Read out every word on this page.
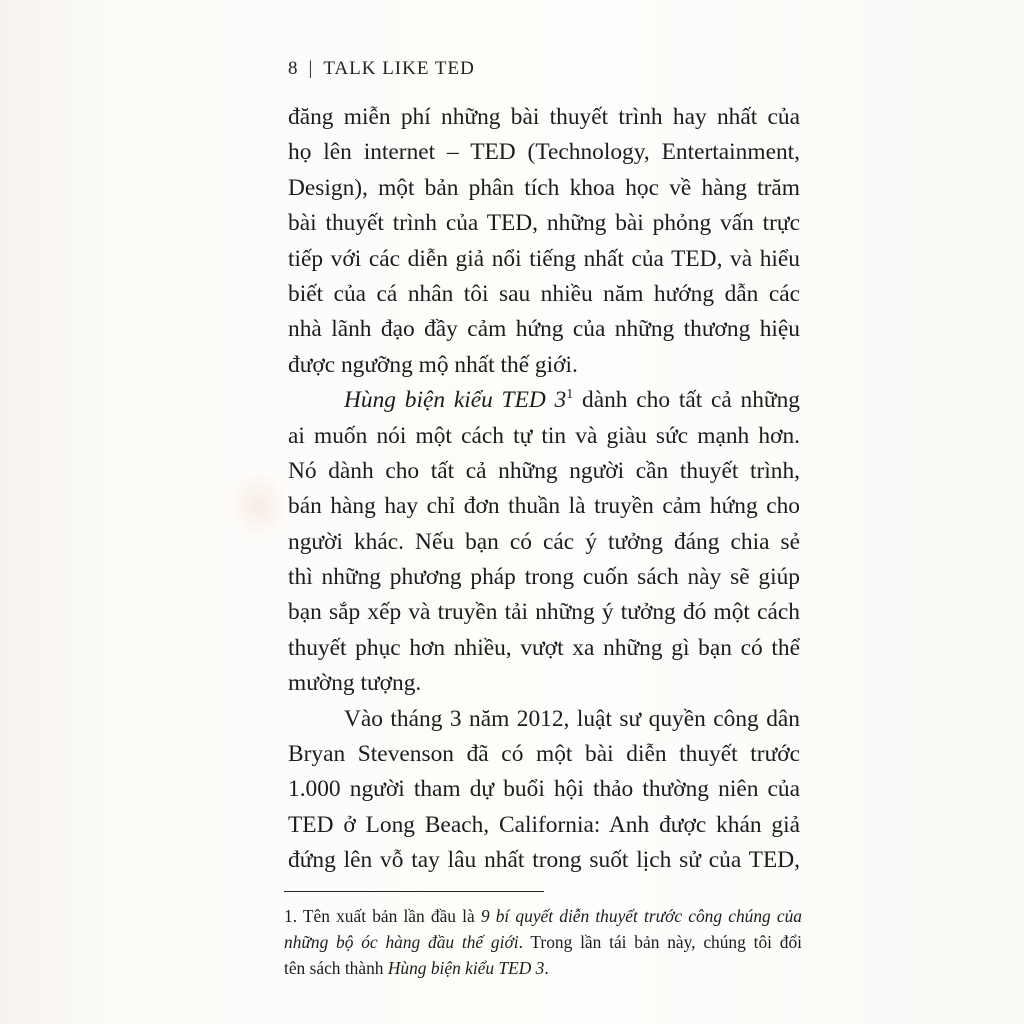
8 | TALK LIKE TED
đăng miễn phí những bài thuyết trình hay nhất của
họ lên internet – TED (Technology, Entertainment,
Design), một bản phân tích khoa học về hàng trăm
bài thuyết trình của TED, những bài phỏng vấn trực
tiếp với các diễn giả nổi tiếng nhất của TED, và hiểu
biết của cá nhân tôi sau nhiều năm hướng dẫn các
nhà lãnh đạo đầy cảm hứng của những thương hiệu
được ngưỡng mộ nhất thế giới.
Hùng biện kiểu TED 3$^1$ dành cho tất cả những
ai muốn nói một cách tự tin và giàu sức mạnh hơn.
Nó dành cho tất cả những người cần thuyết trình,
bán hàng hay chỉ đơn thuần là truyền cảm hứng cho
người khác. Nếu bạn có các ý tưởng đáng chia sẻ
thì những phương pháp trong cuốn sách này sẽ giúp
bạn sắp xếp và truyền tải những ý tưởng đó một cách
thuyết phục hơn nhiều, vượt xa những gì bạn có thể
mường tượng.
Vào tháng 3 năm 2012, luật sư quyền công dân
Bryan Stevenson đã có một bài diễn thuyết trước
1.000 người tham dự buổi hội thảo thường niên của
TED ở Long Beach, California: Anh được khán giả
đứng lên vỗ tay lâu nhất trong suốt lịch sử của TED,
1. Tên xuất bản lần đầu là 9 bí quyết diễn thuyết trước công chúng của
những bộ óc hàng đầu thế giới. Trong lần tái bản này, chúng tôi đổi
tên sách thành Hùng biện kiểu TED 3.
